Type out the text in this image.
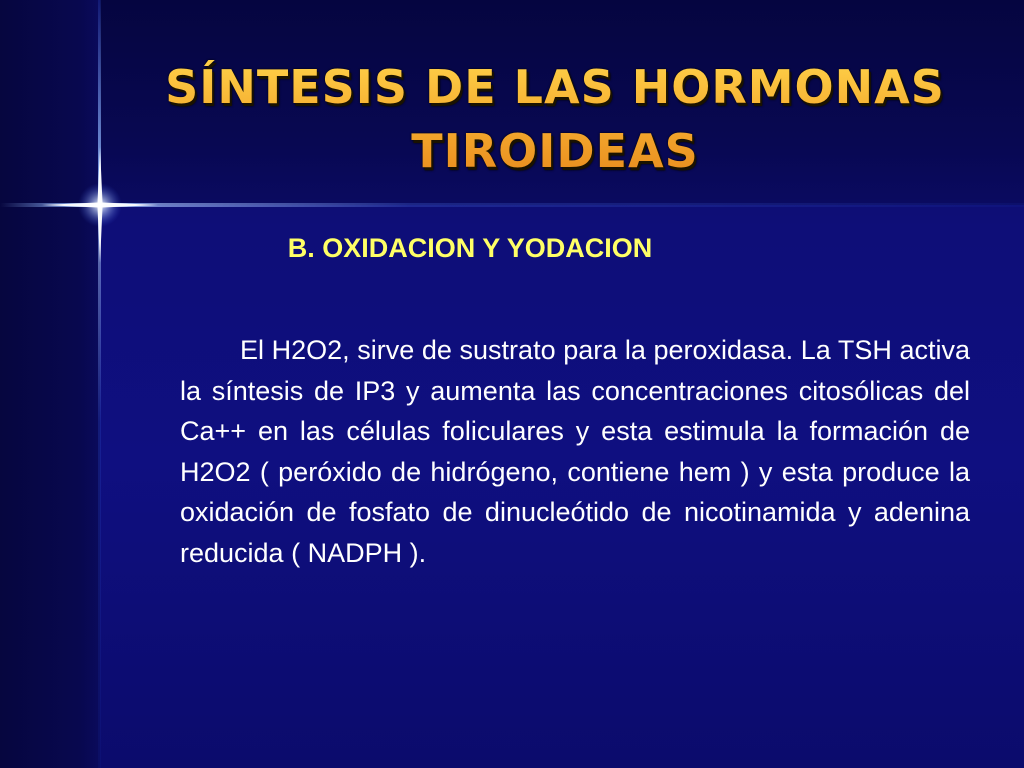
SÍNTESIS DE LAS HORMONAS
TIROIDEAS
B. OXIDACION Y YODACION

El H2O2, sirve de sustrato para la peroxidasa. La TSH activa la síntesis de IP3 y aumenta las concentraciones citosólicas del Ca++ en las células foliculares y esta estimula la formación de H2O2 ( peróxido de hidrógeno, contiene hem ) y esta produce la oxidación de fosfato de dinucleótido de nicotinamida y adenina reducida ( NADPH ).
